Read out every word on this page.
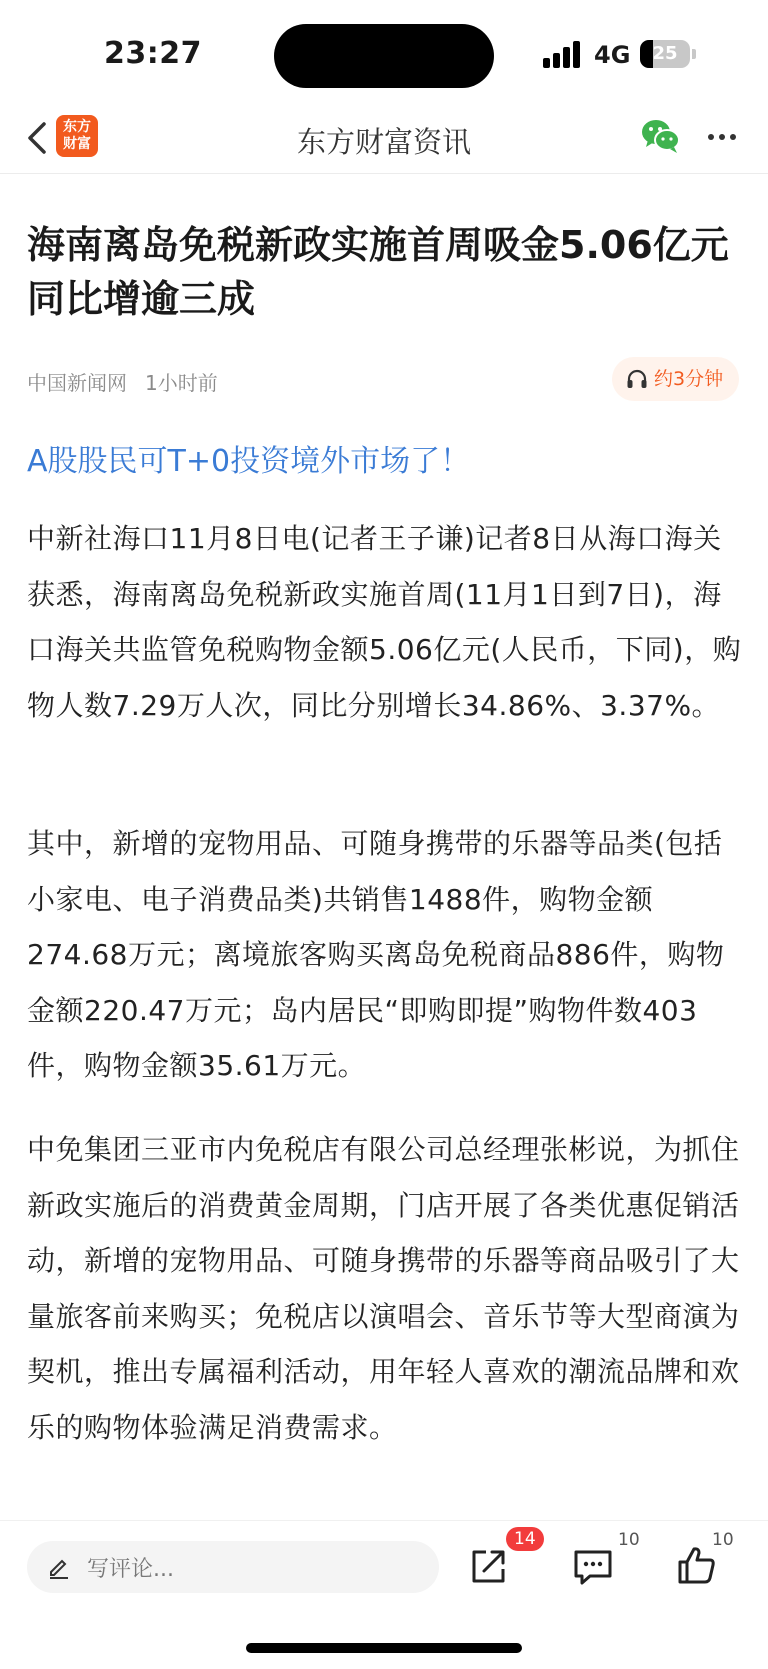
23:27	4G	25
东方
财富	东方财富资讯
海南离岛免税新政实施首周吸金5.06亿元同比增逾三成
中国新闻网 1小时前	约3分钟
A股股民可T+0投资境外市场了！

中新社海口11月8日电(记者王子谦)记者8日从海口海关获悉，海南离岛免税新政实施首周(11月1日到7日)，海口海关共监管免税购物金额5.06亿元(人民币，下同)，购物人数7.29万人次，同比分别增长34.86%、3.37%。

其中，新增的宠物用品、可随身携带的乐器等品类(包括小家电、电子消费品类)共销售1488件，购物金额274.68万元；离境旅客购买离岛免税商品886件，购物金额220.47万元；岛内居民“即购即提”购物件数403件，购物金额35.61万元。

中免集团三亚市内免税店有限公司总经理张彬说，为抓住新政实施后的消费黄金周期，门店开展了各类优惠促销活动，新增的宠物用品、可随身携带的乐器等商品吸引了大量旅客前来购买；免税店以演唱会、音乐节等大型商演为契机，推出专属福利活动，用年轻人喜欢的潮流品牌和欢乐的购物体验满足消费需求。

写评论...
14	10	10
